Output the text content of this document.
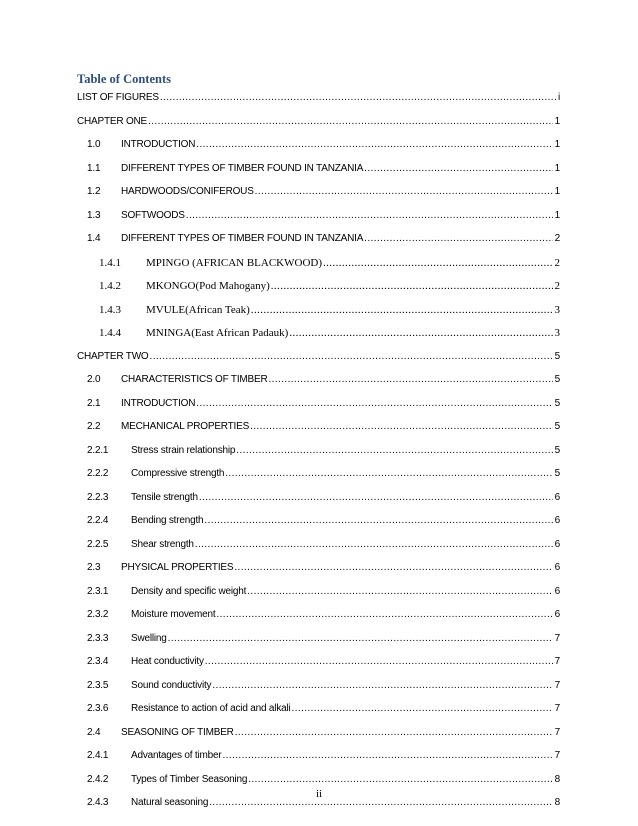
Table of Contents
LIST OF FIGURES .....	i
CHAPTER ONE .....	1
1.0 INTRODUCTION .....	1
1.1 DIFFERENT TYPES OF TIMBER FOUND IN TANZANIA .....	1
1.2 HARDWOODS/CONIFEROUS .....	1
1.3 SOFTWOODS .....	1
1.4 DIFFERENT TYPES OF TIMBER FOUND IN TANZANIA .....	2
1.4.1 MPINGO (AFRICAN BLACKWOOD) .....	2
1.4.2 MKONGO(Pod Mahogany) .....	2
1.4.3 MVULE(African Teak) .....	3
1.4.4 MNINGA(East African Padauk) .....	3
CHAPTER TWO .....	5
2.0 CHARACTERISTICS OF TIMBER .....	5
2.1 INTRODUCTION .....	5
2.2 MECHANICAL PROPERTIES .....	5
2.2.1 Stress strain relationship .....	5
2.2.2 Compressive strength .....	5
2.2.3 Tensile strength .....	6
2.2.4 Bending strength .....	6
2.2.5 Shear strength .....	6
2.3 PHYSICAL PROPERTIES .....	6
2.3.1 Density and specific weight .....	6
2.3.2 Moisture movement .....	6
2.3.3 Swelling .....	7
2.3.4 Heat conductivity .....	7
2.3.5 Sound conductivity .....	7
2.3.6 Resistance to action of acid and alkali .....	7
2.4 SEASONING OF TIMBER .....	7
2.4.1 Advantages of timber .....	7
2.4.2 Types of Timber Seasoning .....	8
2.4.3 Natural seasoning .....	8
ii
